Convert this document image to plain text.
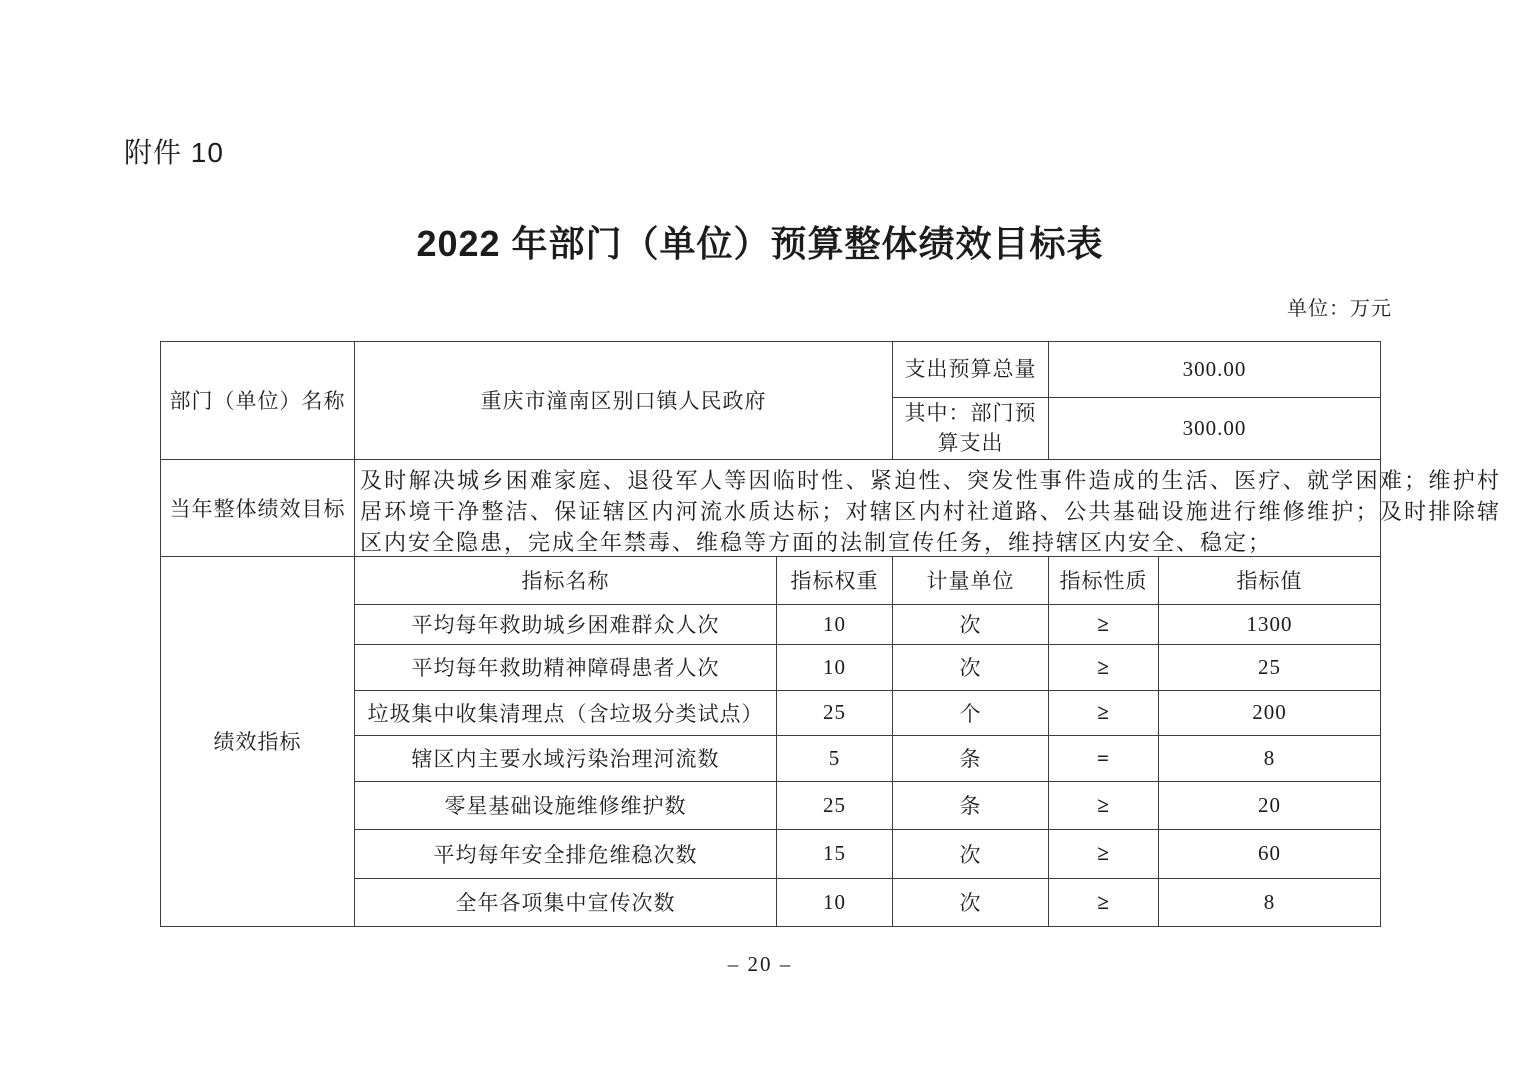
附件 10
2022 年部门（单位）预算整体绩效目标表
单位：万元
部门（单位）名称	重庆市潼南区别口镇人民政府		支出预算总量	300.00	
			其中：部门预算支出	300.00	
当年整体绩效目标	及时解决城乡困难家庭、退役军人等因临时性、紧迫性、突发性事件造成的生活、医疗、就学困难；维护村居环境干净整洁、保证辖区内河流水质达标；对辖区内村社道路、公共基础设施进行维修维护；及时排除辖区内安全隐患，完成全年禁毒、维稳等方面的法制宣传任务，维持辖区内安全、稳定；				

绩效指标	指标名称	指标权重	计量单位	指标性质	指标值
	平均每年救助城乡困难群众人次	10	次	≥	1300
	平均每年救助精神障碍患者人次	10	次	≥	25
	垃圾集中收集清理点（含垃圾分类试点）	25	个	≥	200
	辖区内主要水域污染治理河流数	5	条	=	8
	零星基础设施维修维护数	25	条	≥	20
	平均每年安全排危维稳次数	15	次	≥	60
	全年各项集中宣传次数	10	次	≥	8
– 20 –
